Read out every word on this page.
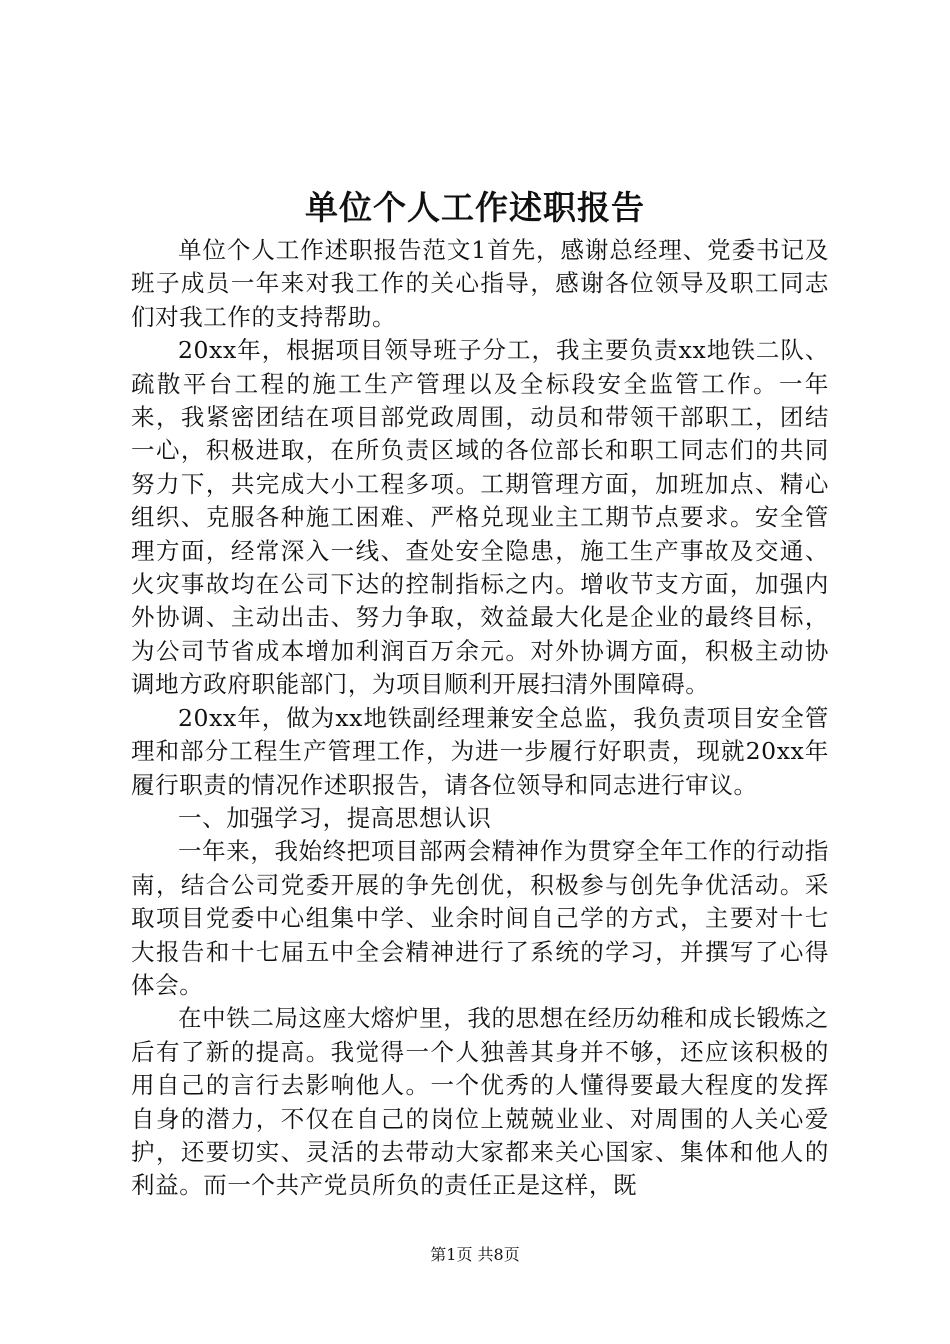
单位个人工作述职报告

单位个人工作述职报告范文1首先，感谢总经理、党委书记及班子成员一年来对我工作的关心指导，感谢各位领导及职工同志们对我工作的支持帮助。

20xx年，根据项目领导班子分工，我主要负责xx地铁二队、疏散平台工程的施工生产管理以及全标段安全监管工作。一年来，我紧密团结在项目部党政周围，动员和带领干部职工，团结一心，积极进取，在所负责区域的各位部长和职工同志们的共同努力下，共完成大小工程多项。工期管理方面，加班加点、精心组织、克服各种施工困难、严格兑现业主工期节点要求。安全管理方面，经常深入一线、查处安全隐患，施工生产事故及交通、火灾事故均在公司下达的控制指标之内。增收节支方面，加强内外协调、主动出击、努力争取，效益最大化是企业的最终目标，为公司节省成本增加利润百万余元。对外协调方面，积极主动协调地方政府职能部门，为项目顺利开展扫清外围障碍。

20xx年，做为xx地铁副经理兼安全总监，我负责项目安全管理和部分工程生产管理工作，为进一步履行好职责，现就20xx年履行职责的情况作述职报告，请各位领导和同志进行审议。

一、加强学习，提高思想认识

一年来，我始终把项目部两会精神作为贯穿全年工作的行动指南，结合公司党委开展的争先创优，积极参与创先争优活动。采取项目党委中心组集中学、业余时间自己学的方式，主要对十七大报告和十七届五中全会精神进行了系统的学习，并撰写了心得体会。

在中铁二局这座大熔炉里，我的思想在经历幼稚和成长锻炼之后有了新的提高。我觉得一个人独善其身并不够，还应该积极的用自己的言行去影响他人。一个优秀的人懂得要最大程度的发挥自身的潜力，不仅在自己的岗位上兢兢业业、对周围的人关心爱护，还要切实、灵活的去带动大家都来关心国家、集体和他人的利益。而一个共产党员所负的责任正是这样，既

第1页 共8页
